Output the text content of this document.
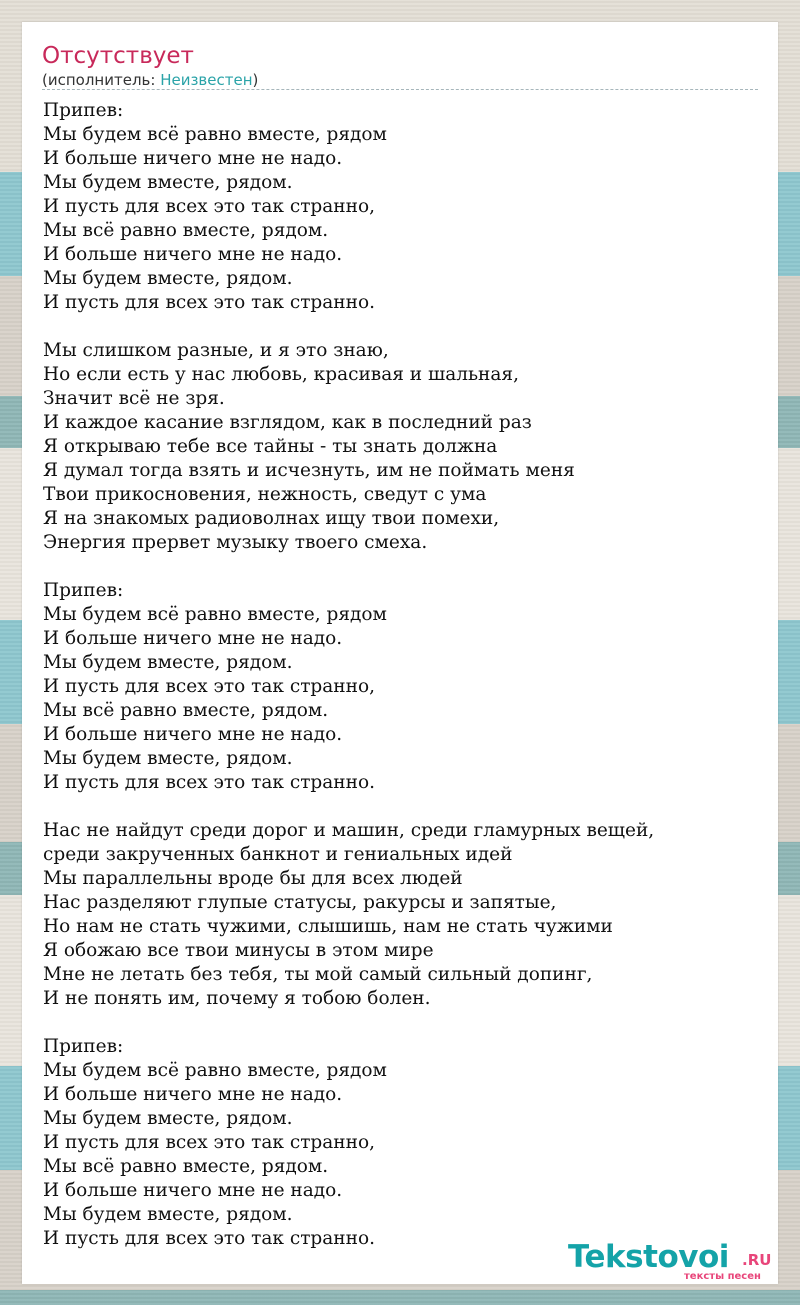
Отсутствует
(исполнитель: Неизвестен)
Припев:
Мы будем всё равно вместе, рядом
И больше ничего мне не надо.
Мы будем вместе, рядом.
И пусть для всех это так странно,
Мы всё равно вместе, рядом.
И больше ничего мне не надо.
Мы будем вместе, рядом.
И пусть для всех это так странно.
Мы слишком разные, и я это знаю,
Но если есть у нас любовь, красивая и шальная,
Значит всё не зря.
И каждое касание взглядом, как в последний раз
Я открываю тебе все тайны - ты знать должна
Я думал тогда взять и исчезнуть, им не поймать меня
Твои прикосновения, нежность, сведут с ума
Я на знакомых радиоволнах ищу твои помехи,
Энергия прервет музыку твоего смеха.
Припев:
Мы будем всё равно вместе, рядом
И больше ничего мне не надо.
Мы будем вместе, рядом.
И пусть для всех это так странно,
Мы всё равно вместе, рядом.
И больше ничего мне не надо.
Мы будем вместе, рядом.
И пусть для всех это так странно.
Нас не найдут среди дорог и машин, среди гламурных вещей,
среди закрученных банкнот и гениальных идей
Мы параллельны вроде бы для всех людей
Нас разделяют глупые статусы, ракурсы и запятые,
Но нам не стать чужими, слышишь, нам не стать чужими
Я обожаю все твои минусы в этом мире
Мне не летать без тебя, ты мой самый сильный допинг,
И не понять им, почему я тобою болен.
Припев:
Мы будем всё равно вместе, рядом
И больше ничего мне не надо.
Мы будем вместе, рядом.
И пусть для всех это так странно,
Мы всё равно вместе, рядом.
И больше ничего мне не надо.
Мы будем вместе, рядом.
И пусть для всех это так странно.
Tekstovoi .RU
тексты песен
